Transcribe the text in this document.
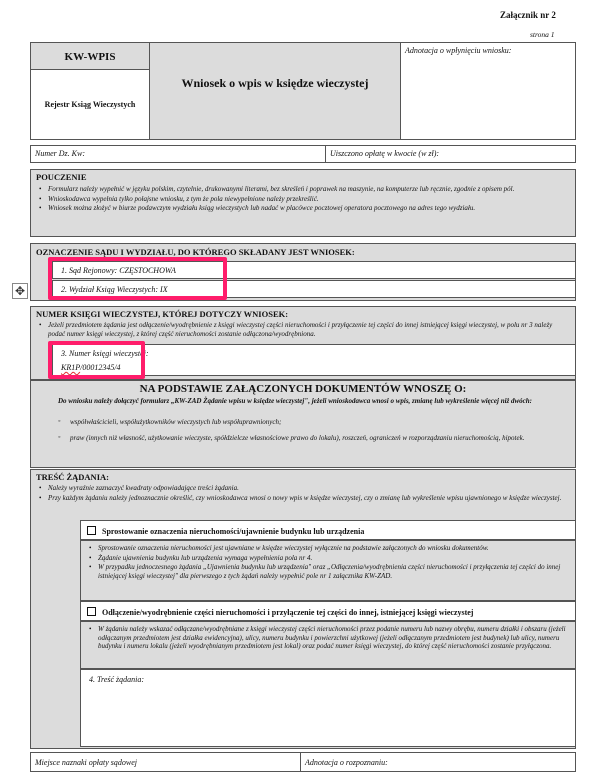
Załącznik nr 2
strona 1
KW-WPIS
Rejestr Ksiąg Wieczystych
Wniosek o wpis w księdze wieczystej
Adnotacja o wpłynięciu wniosku:
Numer Dz. Kw:	Uiszczono opłatę w kwocie (w zł):
POUCZENIE
• Formularz należy wypełnić w języku polskim, czytelnie, drukowanymi literami, bez skreśleń i poprawek na maszynie, na komputerze lub ręcznie, zgodnie z opisem pól.
• Wnioskodawca wypełnia tylko połajsne wniosku, z tym że pola niewypełnione należy przekreślić.
• Wniosek można złożyć w biurze podawczym wydziału ksiąg wieczystych lub nadać w placówce pocztowej operatora pocztowego na adres tego wydziału.
OZNACZENIE SĄDU I WYDZIAŁU, DO KTÓREGO SKŁADANY JEST WNIOSEK:
1. Sąd Rejonowy: CZĘSTOCHOWA
2. Wydział Ksiąg Wieczystych: IX
✥
NUMER KSIĘGI WIECZYSTEJ, KTÓREJ DOTYCZY WNIOSEK:
• Jeżeli przedmiotem żądania jest odłączenie/wyodrębnienie z księgi wieczystej części nieruchomości i przyłączenie tej części do innej istniejącej księgi wieczystej, w polu nr 3 należy podać numer księgi wieczystej, z której część nieruchomości zostanie odłączona/wyodrębniona.
3. Numer księgi wieczystej:
KR1P/00012345/4
NA PODSTAWIE ZAŁĄCZONYCH DOKUMENTÓW WNOSZĘ O:
Do wniosku należy dołączyć formularz „KW-ZAD Żądanie wpisu w księdze wieczystej", jeżeli wnioskodawca wnosi o wpis, zmianę lub wykreślenie więcej niż dwóch:
◦ współwłaścicieli, współużytkowników wieczystych lub współuprawnionych;
◦ praw (innych niż własność, użytkowanie wieczyste, spółdzielcze własnościowe prawo do lokalu), roszczeń, ograniczeń w rozporządzaniu nieruchomością, hipotek.
TREŚĆ ŻĄDANIA:
• Należy wyraźnie zaznaczyć kwadraty odpowiadające treści żądania.
• Przy każdym żądaniu należy jednoznacznie określić, czy wnioskodawca wnosi o nowy wpis w księdze wieczystej, czy o zmianę lub wykreślenie wpisu ujawnionego w księdze wieczystej.
Sprostowanie oznaczenia nieruchomości/ujawnienie budynku lub urządzenia
• Sprostowanie oznaczenia nieruchomości jest ujawniane w księdze wieczystej wyłącznie na podstawie załączonych do wniosku dokumentów.
• Żądanie ujawnienia budynku lub urządzenia wymaga wypełnienia pola nr 4.
• W przypadku jednoczesnego żądania „Ujawnienia budynku lub urządzenia" oraz „Odłączenia/wyodrębnienia części nieruchomości i przyłączenia tej części do innej istniejącej księgi wieczystej" dla pierwszego z tych żądań należy wypełnić pole nr 1 załącznika KW-ZAD.
Odłączenie/wyodrębnienie części nieruchomości i przyłączenie tej części do innej, istniejącej księgi wieczystej
• W żądaniu należy wskazać odłączane/wyodrębniane z księgi wieczystej części nieruchomości przez podanie numeru lub nazwy obrębu, numeru działki i obszaru (jeżeli odłączanym przedmiotem jest działka ewidencyjna), ulicy, numeru budynku i powierzchni użytkowej (jeżeli odłączanym przedmiotem jest budynek) lub ulicy, numeru budynku i numeru lokalu (jeżeli wyodrębnianym przedmiotem jest lokal) oraz podać numer księgi wieczystej, do której część nieruchomości zostanie przyłączona.
4. Treść żądania:
Miejsce naznaki opłaty sądowej	Adnotacja o rozpoznaniu:
